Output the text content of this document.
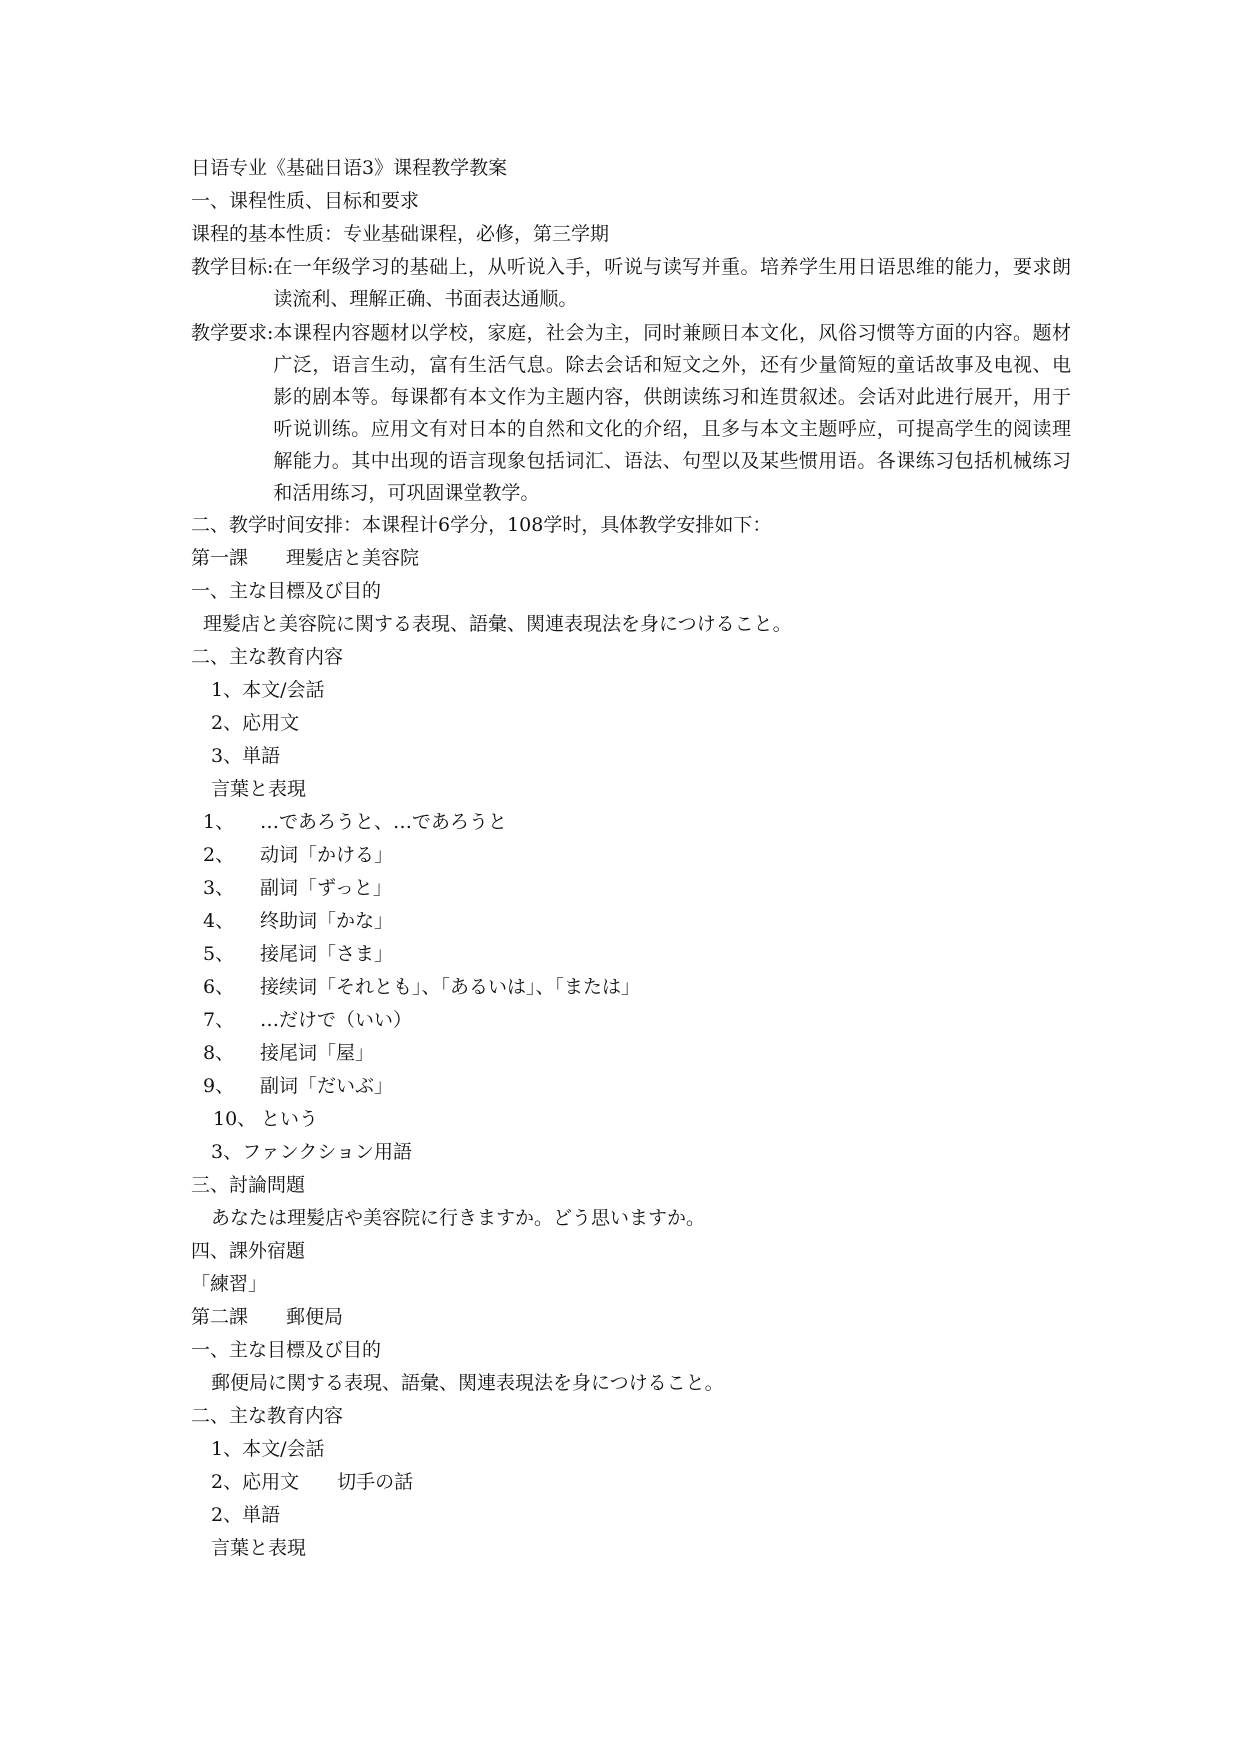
日语专业《基础日语3》课程教学教案
一、课程性质、目标和要求
课程的基本性质：专业基础课程，必修，第三学期
教学目标: 在一年级学习的基础上，从听说入手，听说与读写并重。培养学生用日语思维的能力，要求朗读流利、理解正确、书面表达通顺。
教学要求: 本课程内容题材以学校，家庭，社会为主，同时兼顾日本文化，风俗习惯等方面的内容。题材广泛，语言生动，富有生活气息。除去会话和短文之外，还有少量简短的童话故事及电视、电影的剧本等。每课都有本文作为主题内容，供朗读练习和连贯叙述。会话对此进行展开，用于听说训练。应用文有对日本的自然和文化的介绍，且多与本文主题呼应，可提高学生的阅读理解能力。其中出现的语言现象包括词汇、语法、句型以及某些惯用语。各课练习包括机械练习和活用练习，可巩固课堂教学。
二、教学时间安排：本课程计6学分，108学时，具体教学安排如下：
第一課　　理髪店と美容院
一、主な目標及び目的
理髪店と美容院に関する表現、語彙、関連表現法を身につけること。
二、主な教育内容
1、本文/会話
2、応用文
3、単語
言葉と表現
1、 …であろうと、…であろうと
2、 动词「かける」
3、 副词「ずっと」
4、 终助词「かな」
5、 接尾词「さま」
6、 接续词「それとも」、「あるいは」、「または」
7、 …だけで（いい）
8、 接尾词「屋」
9、 副词「だいぶ」
10、 という
3、ファンクション用語
三、討論問題
あなたは理髪店や美容院に行きますか。どう思いますか。
四、課外宿題
「練習」
第二課　　郵便局
一、主な目標及び目的
郵便局に関する表現、語彙、関連表現法を身につけること。
二、主な教育内容
1、本文/会話
2、応用文　　切手の話
2、単語
言葉と表現
